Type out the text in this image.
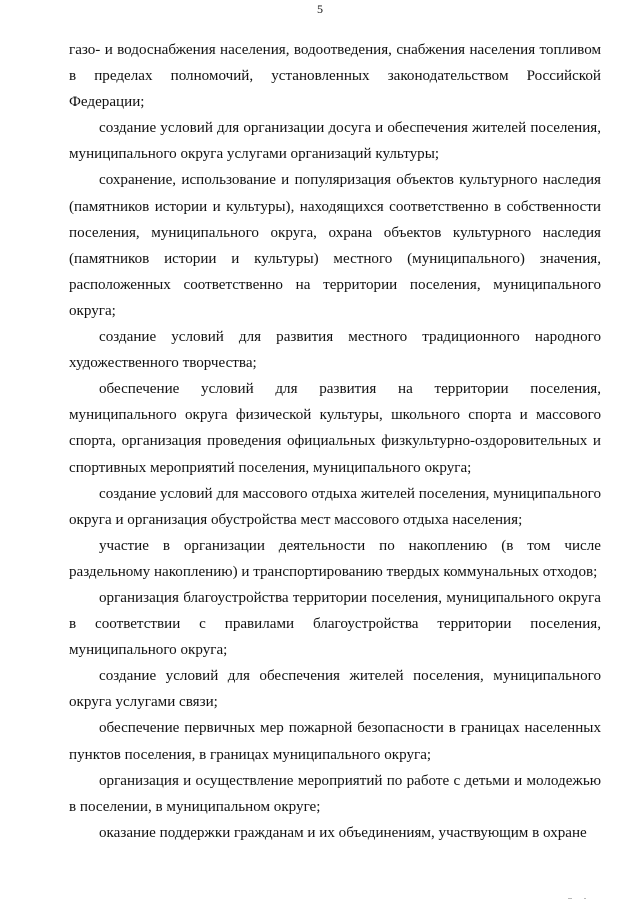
5

газо- и водоснабжения населения, водоотведения, снабжения населения топливом в пределах полномочий, установленных законодательством Российской Федерации;

создание условий для организации досуга и обеспечения жителей поселения, муниципального округа услугами организаций культуры;

сохранение, использование и популяризация объектов культурного наследия (памятников истории и культуры), находящихся соответственно в собственности поселения, муниципального округа, охрана объектов культурного наследия (памятников истории и культуры) местного (муниципального) значения, расположенных соответственно на территории поселения, муниципального округа;

создание условий для развития местного традиционного народного художественного творчества;

обеспечение условий для развития на территории поселения, муниципального округа физической культуры, школьного спорта и массового спорта, организация проведения официальных физкультурно-оздоровительных и спортивных мероприятий поселения, муниципального округа;

создание условий для массового отдыха жителей поселения, муниципального округа и организация обустройства мест массового отдыха населения;

участие в организации деятельности по накоплению (в том числе раздельному накоплению) и транспортированию твердых коммунальных отходов;

организация благоустройства территории поселения, муниципального округа в соответствии с правилами благоустройства территории поселения, муниципального округа;

создание условий для обеспечения жителей поселения, муниципального округа услугами связи;

обеспечение первичных мер пожарной безопасности в границах населенных пунктов поселения, в границах муниципального округа;

организация и осуществление мероприятий по работе с детьми и молодежью в поселении, в муниципальном округе;

оказание поддержки гражданам и их объединениям, участвующим в охране

..      .
